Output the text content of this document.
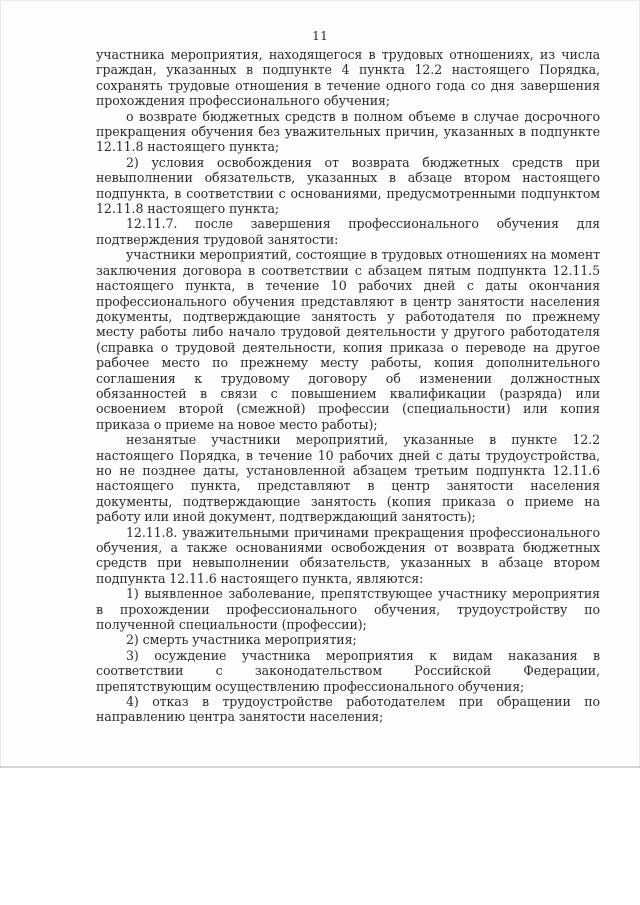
11

участника мероприятия, находящегося в трудовых отношениях, из числа граждан, указанных в подпункте 4 пункта 12.2 настоящего Порядка, сохранять трудовые отношения в течение одного года со дня завершения прохождения профессионального обучения;

о возврате бюджетных средств в полном объеме в случае досрочного прекращения обучения без уважительных причин, указанных в подпункте 12.11.8 настоящего пункта;

2) условия освобождения от возврата бюджетных средств при невыполнении обязательств, указанных в абзаце втором настоящего подпункта, в соответствии с основаниями, предусмотренными подпунктом 12.11.8 настоящего пункта;

12.11.7. после завершения профессионального обучения для подтверждения трудовой занятости:

участники мероприятий, состоящие в трудовых отношениях на момент заключения договора в соответствии с абзацем пятым подпункта 12.11.5 настоящего пункта, в течение 10 рабочих дней с даты окончания профессионального обучения представляют в центр занятости населения документы, подтверждающие занятость у работодателя по прежнему месту работы либо начало трудовой деятельности у другого работодателя (справка о трудовой деятельности, копия приказа о переводе на другое рабочее место по прежнему месту работы, копия дополнительного соглашения к трудовому договору об изменении должностных обязанностей в связи с повышением квалификации (разряда) или освоением второй (смежной) профессии (специальности) или копия приказа о приеме на новое место работы);

незанятые участники мероприятий, указанные в пункте 12.2 настоящего Порядка, в течение 10 рабочих дней с даты трудоустройства, но не позднее даты, установленной абзацем третьим подпункта 12.11.6 настоящего пункта, представляют в центр занятости населения документы, подтверждающие занятость (копия приказа о приеме на работу или иной документ, подтверждающий занятость);

12.11.8. уважительными причинами прекращения профессионального обучения, а также основаниями освобождения от возврата бюджетных средств при невыполнении обязательств, указанных в абзаце втором подпункта 12.11.6 настоящего пункта, являются:

1) выявленное заболевание, препятствующее участнику мероприятия в прохождении профессионального обучения, трудоустройству по полученной специальности (профессии);

2) смерть участника мероприятия;

3) осуждение участника мероприятия к видам наказания в соответствии с законодательством Российской Федерации, препятствующим осуществлению профессионального обучения;

4) отказ в трудоустройстве работодателем при обращении по направлению центра занятости населения;
